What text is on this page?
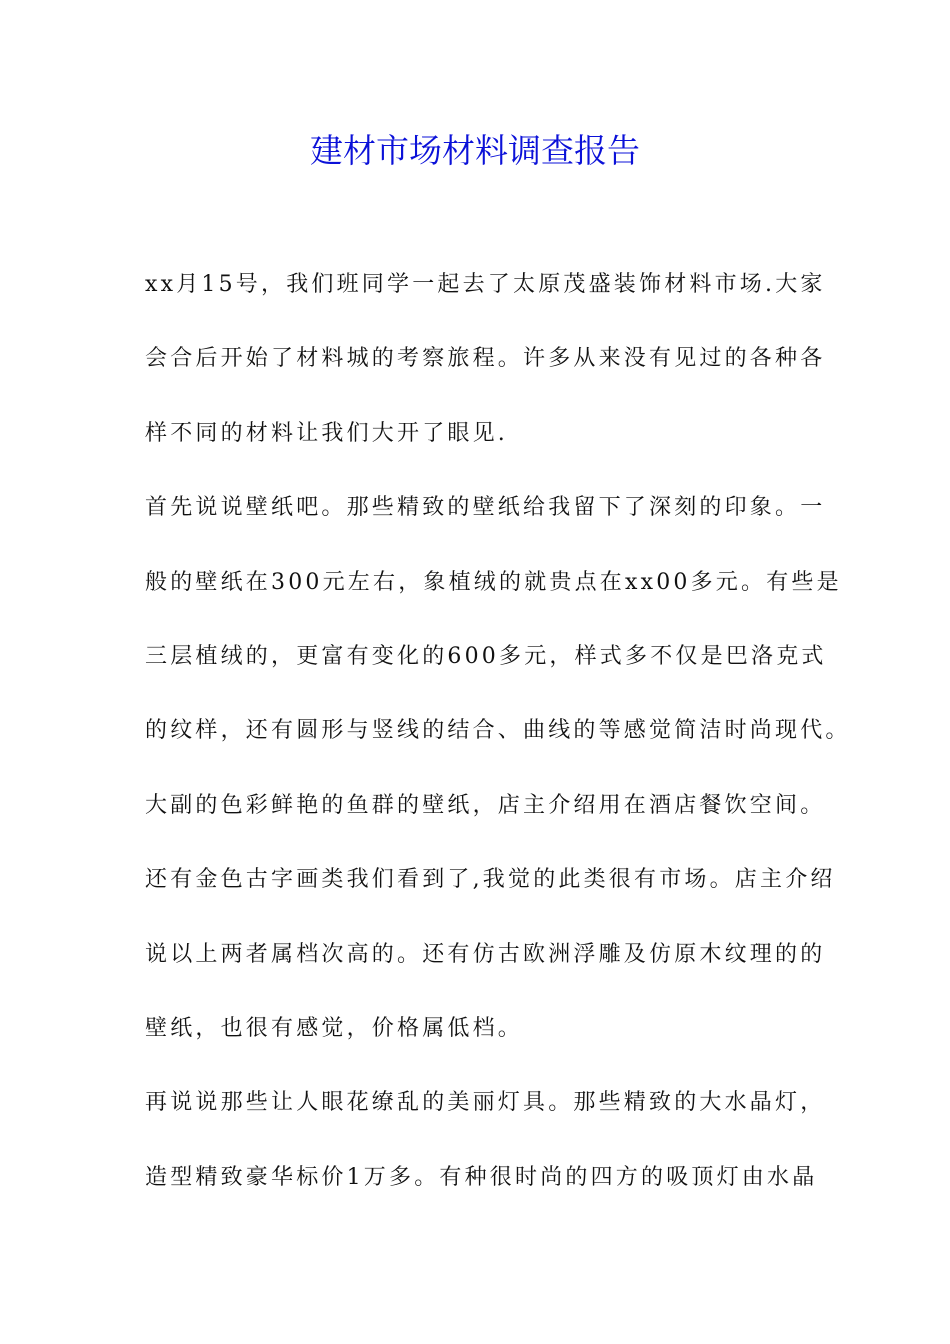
建材市场材料调查报告
xx月15号，我们班同学一起去了太原茂盛装饰材料市场.大家
会合后开始了材料城的考察旅程。许多从来没有见过的各种各
样不同的材料让我们大开了眼见.
首先说说壁纸吧。那些精致的壁纸给我留下了深刻的印象。一
般的壁纸在300元左右，象植绒的就贵点在xx00多元。有些是
三层植绒的，更富有变化的600多元，样式多不仅是巴洛克式
的纹样，还有圆形与竖线的结合、曲线的等感觉简洁时尚现代。
大副的色彩鲜艳的鱼群的壁纸，店主介绍用在酒店餐饮空间。
还有金色古字画类我们看到了,我觉的此类很有市场。店主介绍
说以上两者属档次高的。还有仿古欧洲浮雕及仿原木纹理的的
壁纸，也很有感觉，价格属低档。
再说说那些让人眼花缭乱的美丽灯具。那些精致的大水晶灯，
造型精致豪华标价1万多。有种很时尚的四方的吸顶灯由水晶
